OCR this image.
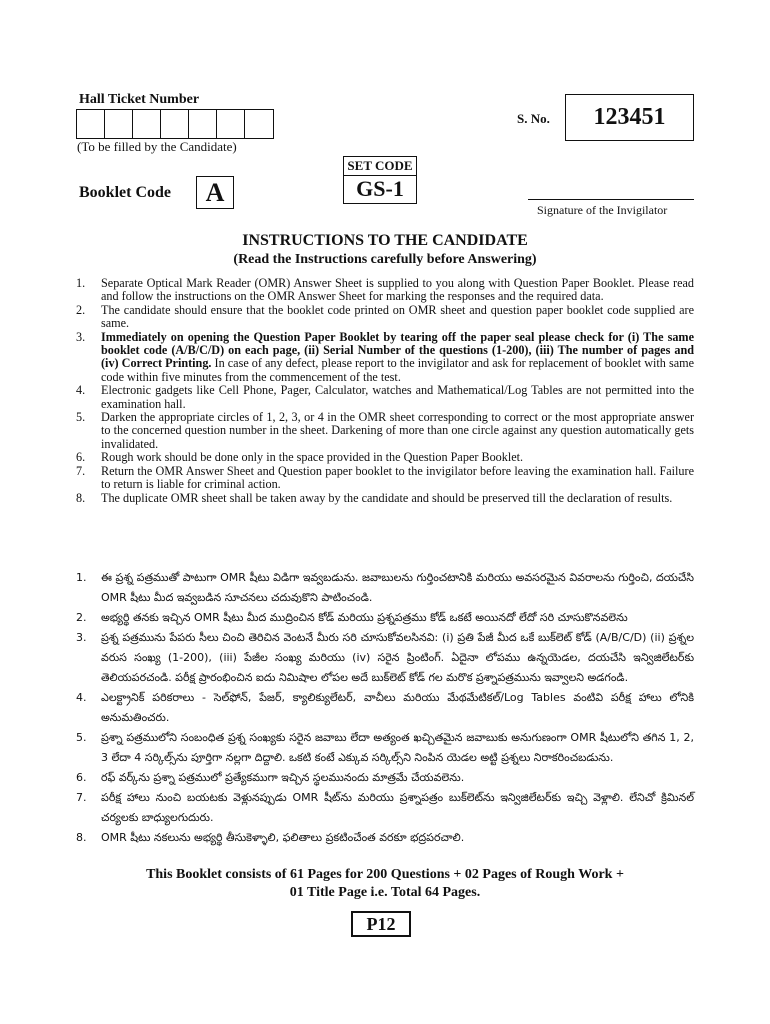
Hall Ticket Number
(To be filled by the Candidate)
S. No.	123451
SET CODE
GS-1
Booklet Code	A
Signature of the Invigilator
INSTRUCTIONS TO THE CANDIDATE
(Read the Instructions carefully before Answering)
1. Separate Optical Mark Reader (OMR) Answer Sheet is supplied to you along with Question Paper Booklet. Please read and follow the instructions on the OMR Answer Sheet for marking the responses and the required data.
2. The candidate should ensure that the booklet code printed on OMR sheet and question paper booklet code supplied are same.
3. Immediately on opening the Question Paper Booklet by tearing off the paper seal please check for (i) The same booklet code (A/B/C/D) on each page, (ii) Serial Number of the questions (1-200), (iii) The number of pages and (iv) Correct Printing. In case of any defect, please report to the invigilator and ask for replacement of booklet with same code within five minutes from the commencement of the test.
4. Electronic gadgets like Cell Phone, Pager, Calculator, watches and Mathematical/Log Tables are not permitted into the examination hall.
5. Darken the appropriate circles of 1, 2, 3, or 4 in the OMR sheet corresponding to correct or the most appropriate answer to the concerned question number in the sheet. Darkening of more than one circle against any question automatically gets invalidated.
6. Rough work should be done only in the space provided in the Question Paper Booklet.
7. Return the OMR Answer Sheet and Question paper booklet to the invigilator before leaving the examination hall. Failure to return is liable for criminal action.
8. The duplicate OMR sheet shall be taken away by the candidate and should be preserved till the declaration of results.
1. ఈ ప్రశ్న పత్రముతో పాటుగా OMR షీటు విడిగా ఇవ్వబడును. జవాబులను గుర్తించటానికి మరియు అవసరమైన వివరాలను గుర్తించి, దయచేసి OMR షీటు మీద ఇవ్వబడిన సూచనలు చదువుకొని పాటించండి.
2. అభ్యర్థి తనకు ఇచ్చిన OMR షీటు మీద ముద్రించిన కోడ్ మరియు ప్రశ్నపత్రము కోడ్ ఒకటే అయినదో లేదో సరి చూసుకొనవలెను
3. ప్రశ్న పత్రమును పేపరు సీలు చించి తెరిచిన వెంటనే మీరు సరి చూసుకోవలసినవి: (i) ప్రతి పేజీ మీద ఒకే బుక్‌లెట్ కోడ్ (A/B/C/D) (ii) ప్రశ్నల వరుస సంఖ్య (1-200), (iii) పేజీల సంఖ్య మరియు (iv) సరైన ప్రింటింగ్. ఏదైనా లోపము ఉన్నయెడల, దయచేసి ఇన్విజిలేటర్‌కు తెలియపరచండి. పరీక్ష ప్రారంభించిన ఐదు నిమిషాల లోపల అదే బుక్‌లెట్ కోడ్ గల మరొక ప్రశ్నాపత్రమును ఇవ్వాలని అడగండి.
4. ఎలక్ట్రానిక్ పరికరాలు - సెల్‌ఫోన్, పేజర్, క్యాలిక్యులేటర్, వాచీలు మరియు మేథమేటికల్/Log Tables వంటివి పరీక్ష హాలు లోనికి అనుమతించరు.
5. ప్రశ్నా పత్రములోని సంబంధిత ప్రశ్న సంఖ్యకు సరైన జవాబు లేదా అత్యంత ఖచ్చితమైన జవాబుకు అనుగుణంగా OMR షీటులోని తగిన 1, 2, 3 లేదా 4 సర్కిల్స్‌ను పూర్తిగా నల్లగా దిద్దాలి. ఒకటి కంటే ఎక్కువ సర్కిల్స్‌ని నింపిన యెడల అట్టి ప్రశ్నలు నిరాకరించబడును.
6. రఫ్ వర్క్‌ను ప్రశ్నా పత్రములో ప్రత్యేకముగా ఇచ్చిన స్థలమునందు మాత్రమే చేయవలెను.
7. పరీక్ష హాలు నుంచి బయటకు వెళ్లునప్పుడు OMR షీట్‌ను మరియు ప్రశ్నాపత్రం బుక్‌లెట్‌ను ఇన్విజిలేటర్‌కు ఇచ్చి వెళ్లాలి. లేనిచో క్రిమినల్ చర్యలకు బాధ్యులగుదురు.
8. OMR షీటు నకలును అభ్యర్థి తీసుకెళ్ళాలి, ఫలితాలు ప్రకటించేంత వరకూ భద్రపరచాలి.
This Booklet consists of 61 Pages for 200 Questions + 02 Pages of Rough Work +
01 Title Page i.e. Total 64 Pages.
P12
